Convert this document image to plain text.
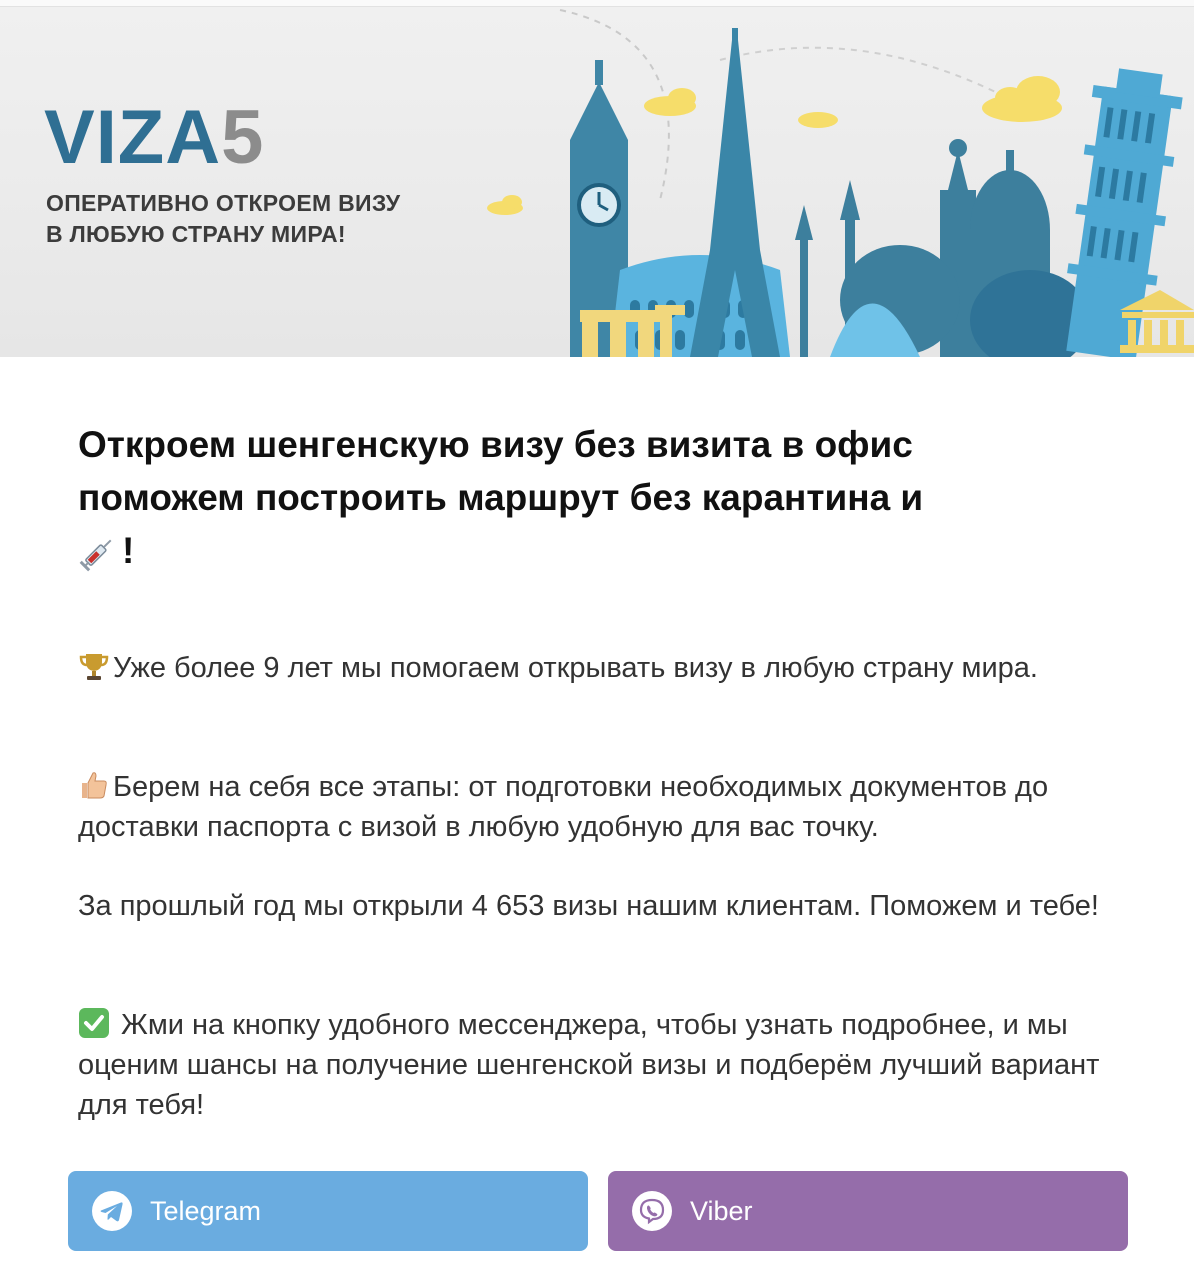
VIZA5
ОПЕРАТИВНО ОТКРОЕМ ВИЗУ
В ЛЮБУЮ СТРАНУ МИРА!
Откроем шенгенскую визу без визита в офис
поможем построить маршрут без карантина и
!

Уже более 9 лет мы помогаем открывать визу в любую страну мира.

Берем на себя все этапы: от подготовки необходимых документов до доставки паспорта с визой в любую удобную для вас точку.

За прошлый год мы открыли 4 653 визы нашим клиентам. Поможем и тебе!

Жми на кнопку удобного мессенджера, чтобы узнать подробнее, и мы оценим шансы на получение шенгенской визы и подберём лучший вариант для тебя!

Telegram	Viber
